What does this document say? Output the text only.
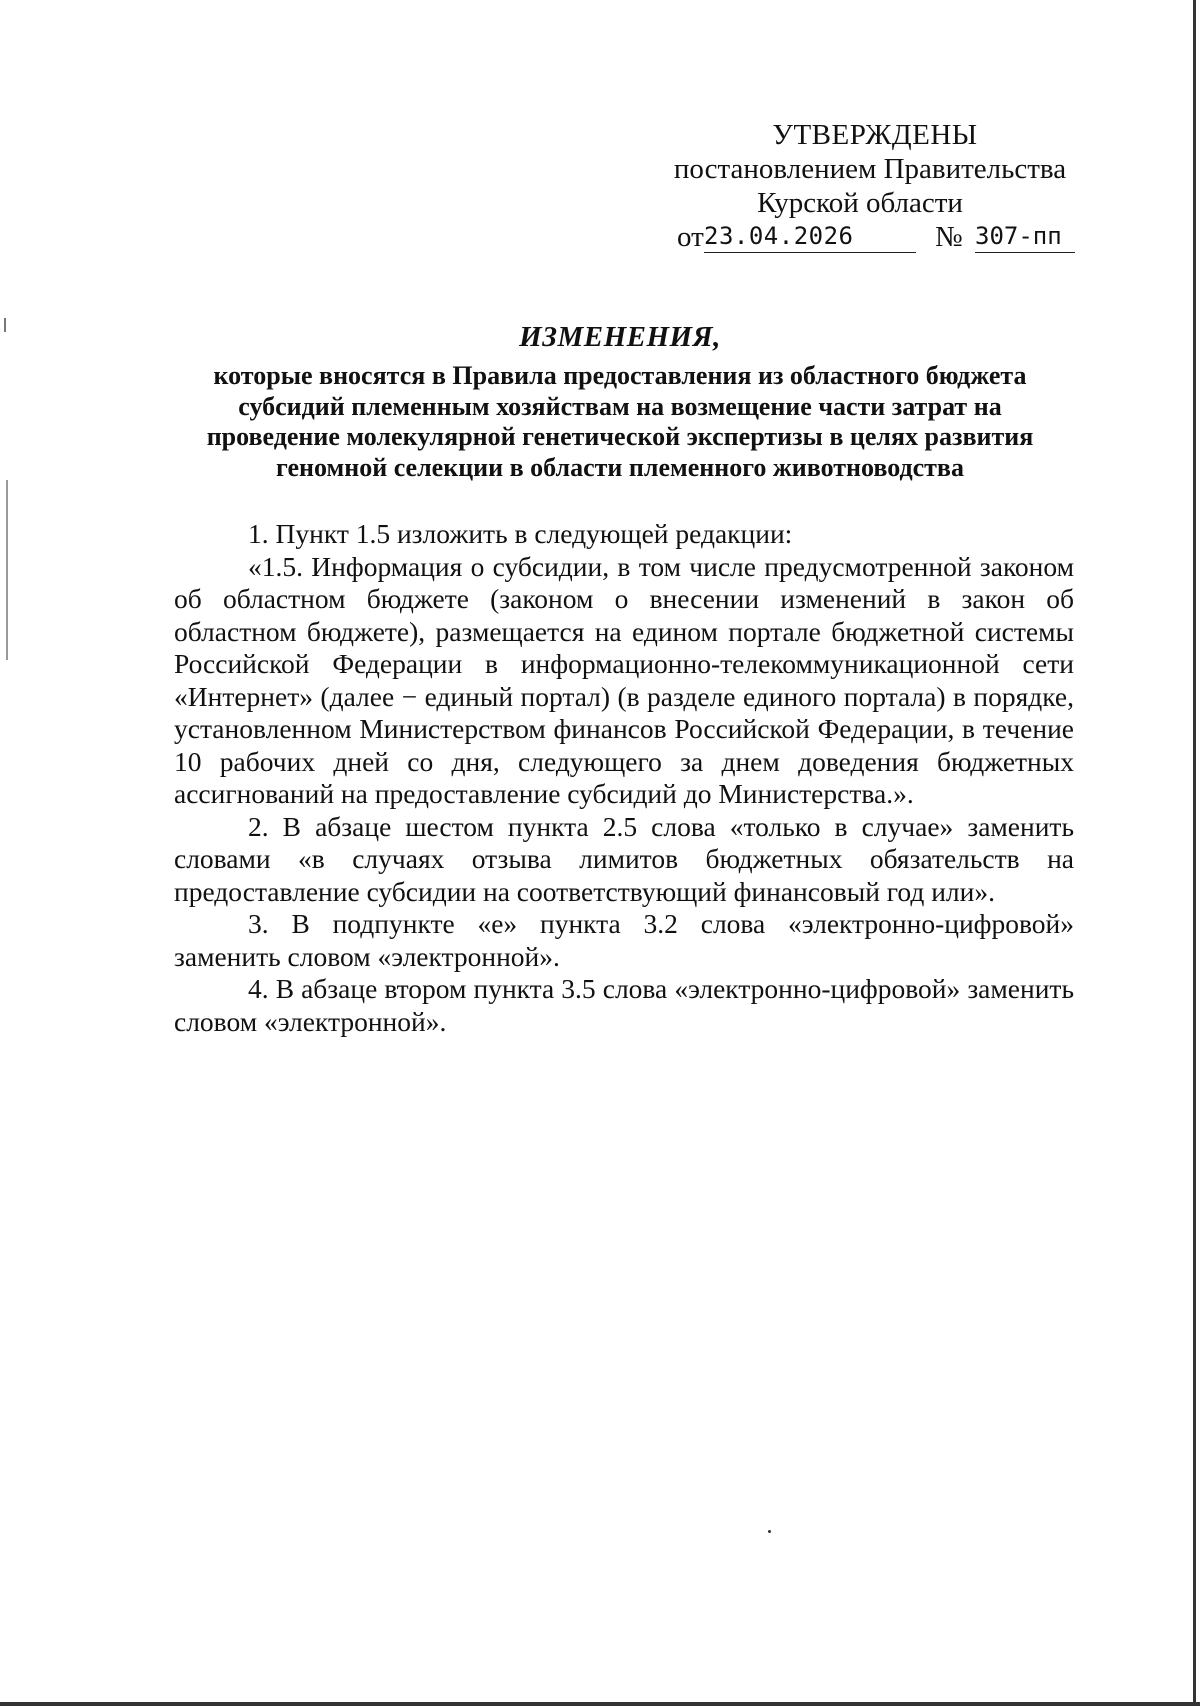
УТВЕРЖДЕНЫ
постановлением Правительства
Курской области
от 23.04.2026	№ 307-пп
ИЗМЕНЕНИЯ,
которые вносятся в Правила предоставления из областного бюджета субсидий племенным хозяйствам на возмещение части затрат на проведение молекулярной генетической экспертизы в целях развития геномной селекции в области племенного животноводства

1. Пункт 1.5 изложить в следующей редакции:

«1.5. Информация о субсидии, в том числе предусмотренной законом об областном бюджете (законом о внесении изменений в закон об областном бюджете), размещается на едином портале бюджетной системы Российской Федерации в информационно-телекоммуникационной сети «Интернет» (далее − единый портал) (в разделе единого портала) в порядке, установленном Министерством финансов Российской Федерации, в течение 10 рабочих дней со дня, следующего за днем доведения бюджетных ассигнований на предоставление субсидий до Министерства.».

2. В абзаце шестом пункта 2.5 слова «только в случае» заменить словами «в случаях отзыва лимитов бюджетных обязательств на предоставление субсидии на соответствующий финансовый год или».

3. В подпункте «е» пункта 3.2 слова «электронно-цифровой» заменить словом «электронной».

4. В абзаце втором пункта 3.5 слова «электронно-цифровой» заменить словом «электронной».
